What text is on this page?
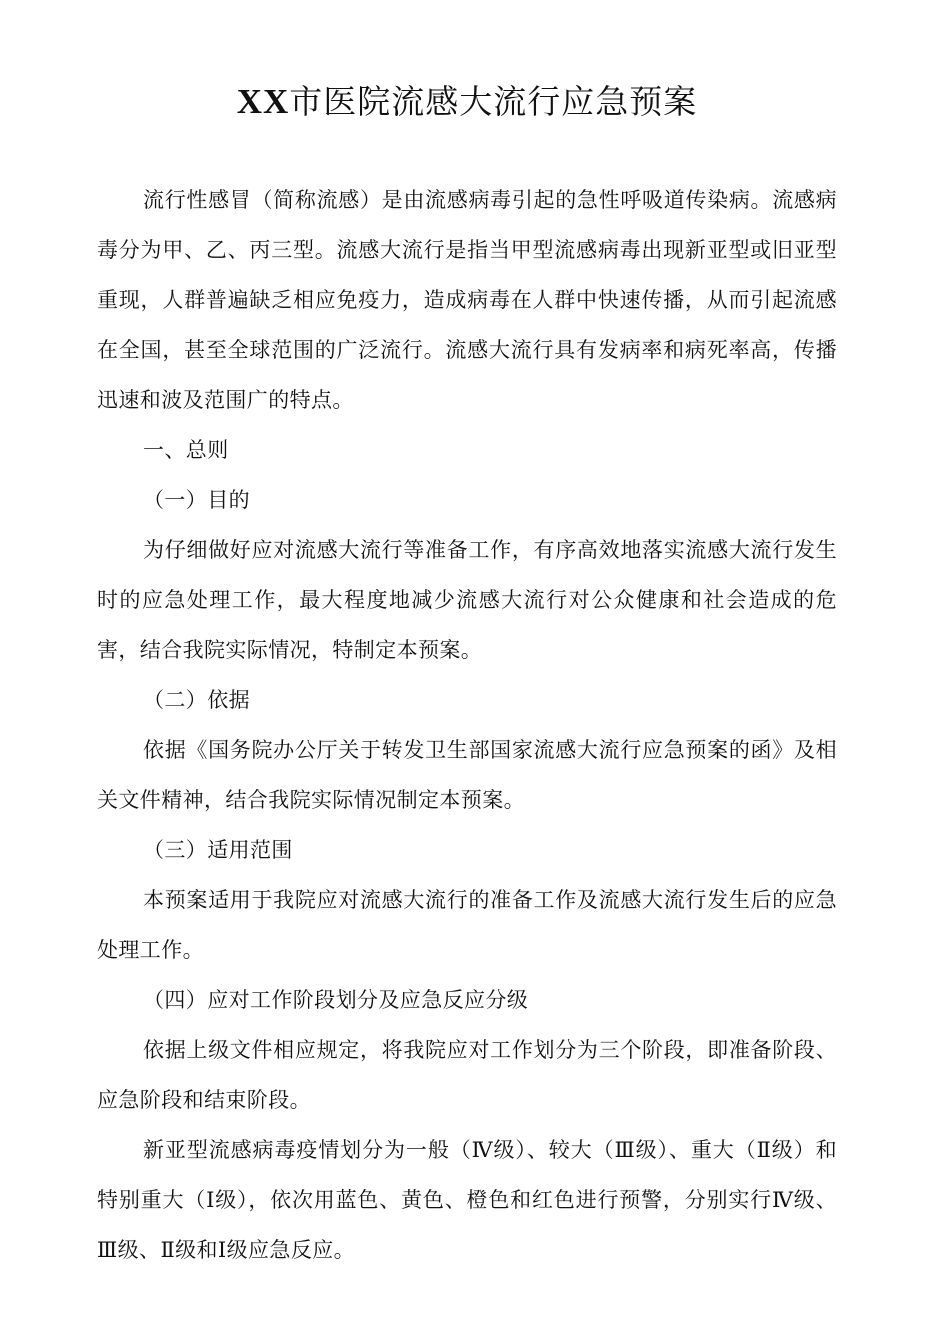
XX市医院流感大流行应急预案

流行性感冒（简称流感）是由流感病毒引起的急性呼吸道传染病。流感病毒分为甲、乙、丙三型。流感大流行是指当甲型流感病毒出现新亚型或旧亚型重现，人群普遍缺乏相应免疫力，造成病毒在人群中快速传播，从而引起流感在全国，甚至全球范围的广泛流行。流感大流行具有发病率和病死率高，传播迅速和波及范围广的特点。

一、总则

（一）目的

为仔细做好应对流感大流行等准备工作，有序高效地落实流感大流行发生时的应急处理工作，最大程度地减少流感大流行对公众健康和社会造成的危害，结合我院实际情况，特制定本预案。

（二）依据

依据《国务院办公厅关于转发卫生部国家流感大流行应急预案的函》及相关文件精神，结合我院实际情况制定本预案。

（三）适用范围

本预案适用于我院应对流感大流行的准备工作及流感大流行发生后的应急处理工作。

（四）应对工作阶段划分及应急反应分级

依据上级文件相应规定，将我院应对工作划分为三个阶段，即准备阶段、应急阶段和结束阶段。

新亚型流感病毒疫情划分为一般（Ⅳ级）、较大（Ⅲ级）、重大（Ⅱ级）和特别重大（Ⅰ级），依次用蓝色、黄色、橙色和红色进行预警，分别实行Ⅳ级、Ⅲ级、Ⅱ级和Ⅰ级应急反应。
